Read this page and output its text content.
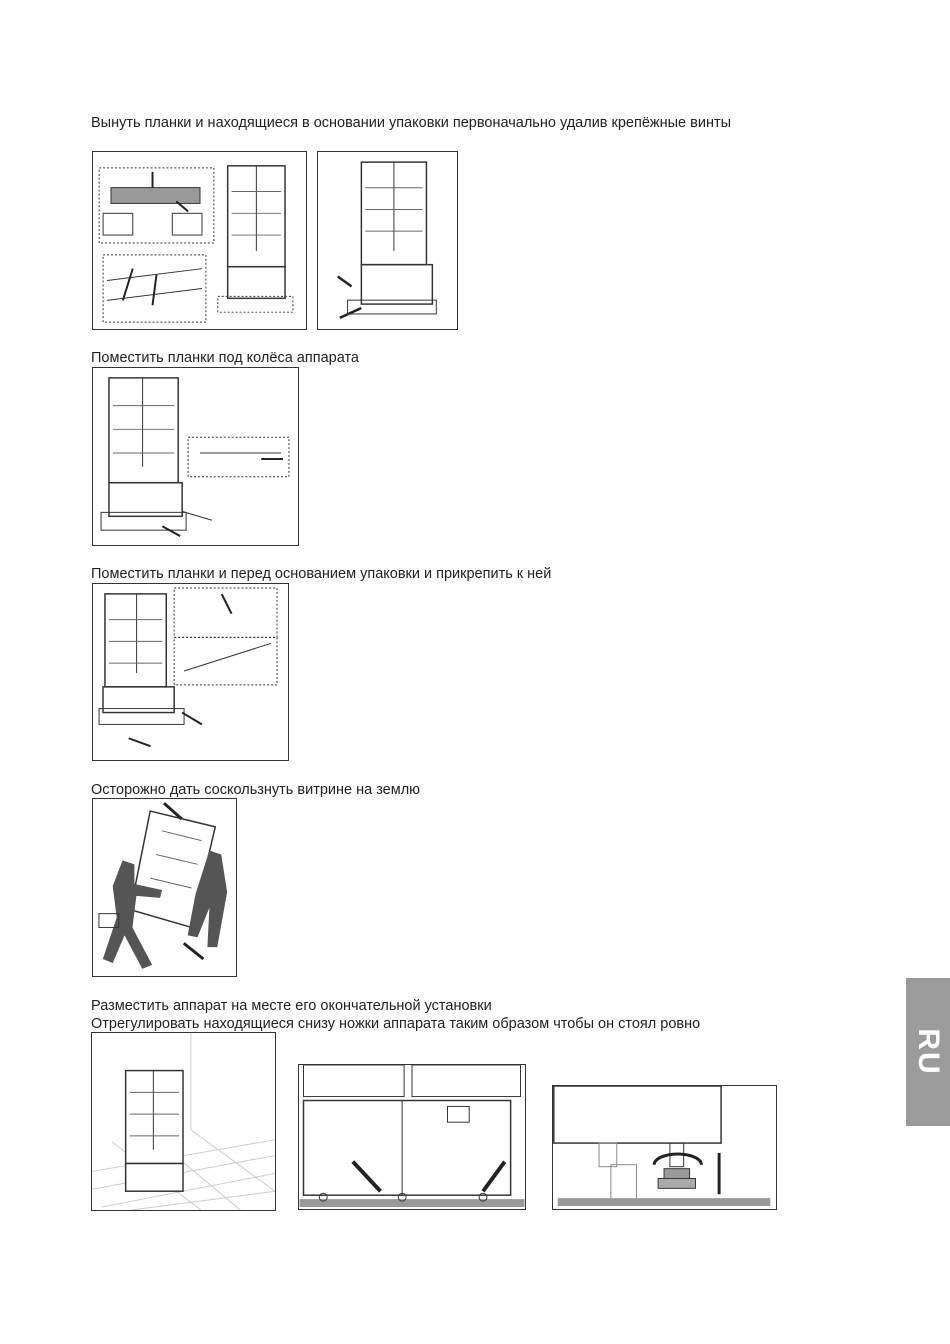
Вынуть планки и находящиеся в основании упаковки первоначально удалив крепёжные винты

Поместить планки под колёса аппарата

Поместить планки и перед основанием упаковки и прикрепить к ней

Осторожно дать соскользнуть витрине на землю

Разместить аппарат на месте его окончательной установки

Отрегулировать находящиеся снизу ножки аппарата таким образом чтобы он стоял ровно

RU
